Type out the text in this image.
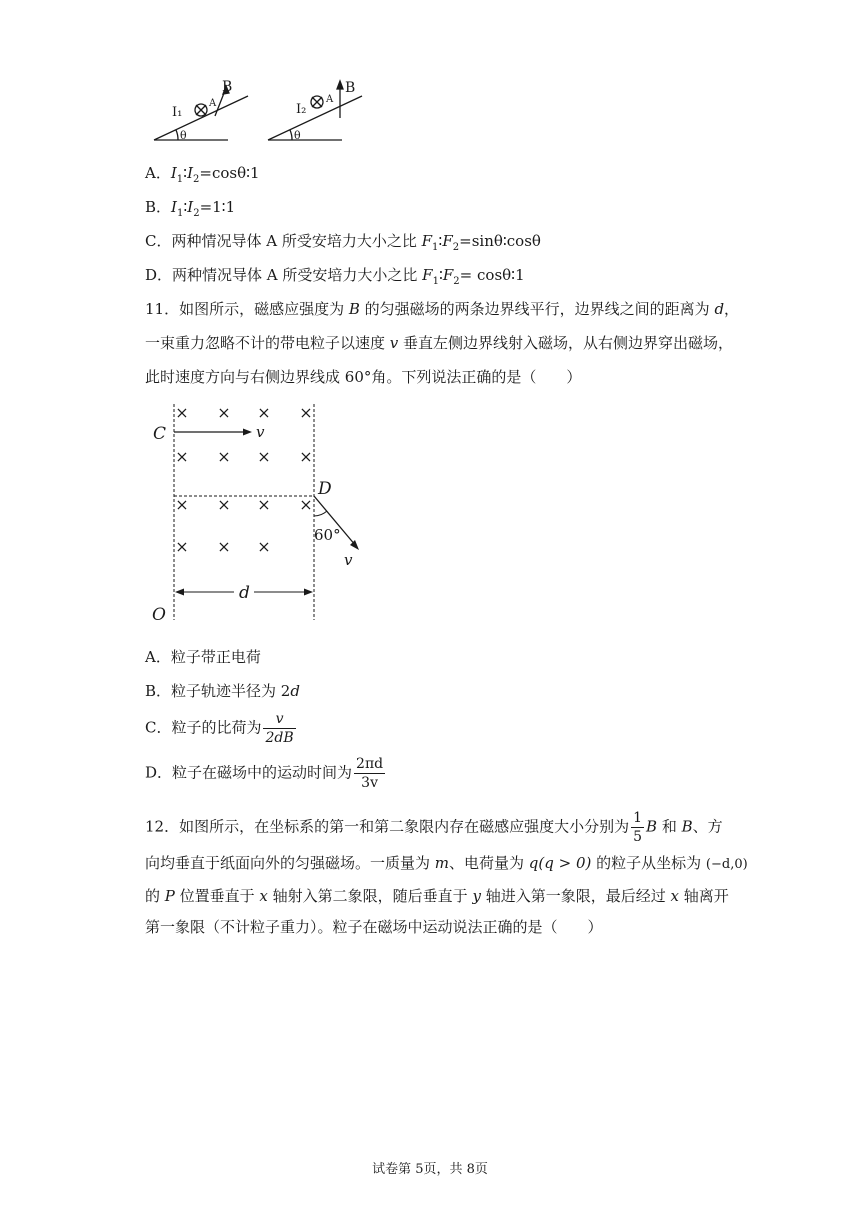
I₁
A
B
θ
I₂
A
B
θ
A．$I_1∶I_2=\cos\theta∶1$
B．$I_1∶I_2=1∶1$
C．两种情况导体 A 所受安培力大小之比 $F_1∶F_2=\sin\theta∶\cos\theta$
D．两种情况导体 A 所受安培力大小之比 $F_1∶F_2=$ cosθ∶1
11．如图所示，磁感应强度为 B 的匀强磁场的两条边界线平行，边界线之间的距离为 d，
一束重力忽略不计的带电粒子以速度 v 垂直左侧边界线射入磁场，从右侧边界穿出磁场，
此时速度方向与右侧边界线成 60°角。下列说法正确的是（　　）
× × × ×
× × × ×
× × × ×
× × ×
C	v
D
60°
v
d
O
A．粒子带正电荷
B．粒子轨迹半径为 2d
C．粒子的比荷为 $\frac{v}{2dB}$
D．粒子在磁场中的运动时间为 $\frac{2\pi d}{3v}$
12．如图所示，在坐标系的第一和第二象限内存在磁感应强度大小分别为 $\frac{1}{5}$ B 和 B、方
向均垂直于纸面向外的匀强磁场。一质量为 m、电荷量为 q(q > 0) 的粒子从坐标为 (−d,0)
的 P 位置垂直于 x 轴射入第二象限，随后垂直于 y 轴进入第一象限，最后经过 x 轴离开
第一象限（不计粒子重力）。粒子在磁场中运动说法正确的是（　　）
试卷第 5页，共 8页
